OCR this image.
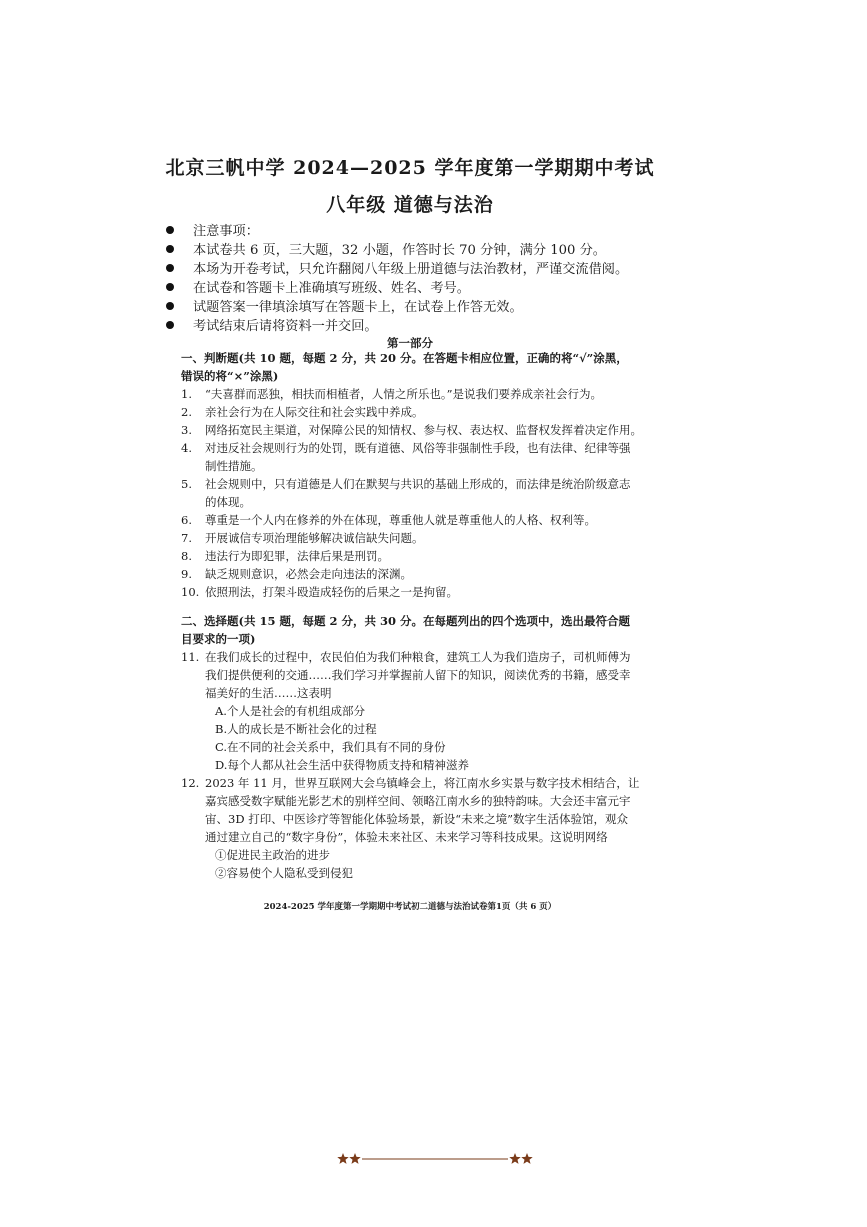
北京三帆中学 2024—2025 学年度第一学期期中考试
八年级 道德与法治
注意事项：
本试卷共 6 页，三大题，32 小题，作答时长 70 分钟，满分 100 分。
本场为开卷考试，只允许翻阅八年级上册道德与法治教材，严谨交流借阅。
在试卷和答题卡上准确填写班级、姓名、考号。
试题答案一律填涂填写在答题卡上，在试卷上作答无效。
考试结束后请将资料一并交回。
第一部分
一、判断题(共 10 题，每题 2 分，共 20 分。在答题卡相应位置，正确的将“√”涂黑，
错误的将“×”涂黑)
1.	“夫喜群而恶独，相扶而相植者，人情之所乐也。”是说我们要养成亲社会行为。
2.	亲社会行为在人际交往和社会实践中养成。
3.	网络拓宽民主渠道，对保障公民的知情权、参与权、表达权、监督权发挥着决定作用。
4.	对违反社会规则行为的处罚，既有道德、风俗等非强制性手段，也有法律、纪律等强
制性措施。
5.	社会规则中，只有道德是人们在默契与共识的基础上形成的，而法律是统治阶级意志
的体现。
6.	尊重是一个人内在修养的外在体现，尊重他人就是尊重他人的人格、权利等。
7.	开展诚信专项治理能够解决诚信缺失问题。
8.	违法行为即犯罪，法律后果是刑罚。
9.	缺乏规则意识，必然会走向违法的深渊。
10. 依照刑法，打架斗殴造成轻伤的后果之一是拘留。
二、选择题(共 15 题，每题 2 分，共 30 分。在每题列出的四个选项中，选出最符合题
目要求的一项)
11. 在我们成长的过程中，农民伯伯为我们种粮食，建筑工人为我们造房子，司机师傅为
我们提供便利的交通……我们学习并掌握前人留下的知识，阅读优秀的书籍，感受幸
福美好的生活……这表明
A.个人是社会的有机组成部分
B.人的成长是不断社会化的过程
C.在不同的社会关系中，我们具有不同的身份
D.每个人都从社会生活中获得物质支持和精神滋养
12. 2023 年 11 月，世界互联网大会乌镇峰会上，将江南水乡实景与数字技术相结合，让
嘉宾感受数字赋能光影艺术的别样空间、领略江南水乡的独特韵味。大会还丰富元宇
宙、3D 打印、中医诊疗等智能化体验场景，新设“未来之境”数字生活体验馆，观众
通过建立自己的“数字身份”，体验未来社区、未来学习等科技成果。这说明网络
①促进民主政治的进步
②容易使个人隐私受到侵犯
2024-2025 学年度第一学期期中考试初二道德与法治试卷第1页（共 6 页）
